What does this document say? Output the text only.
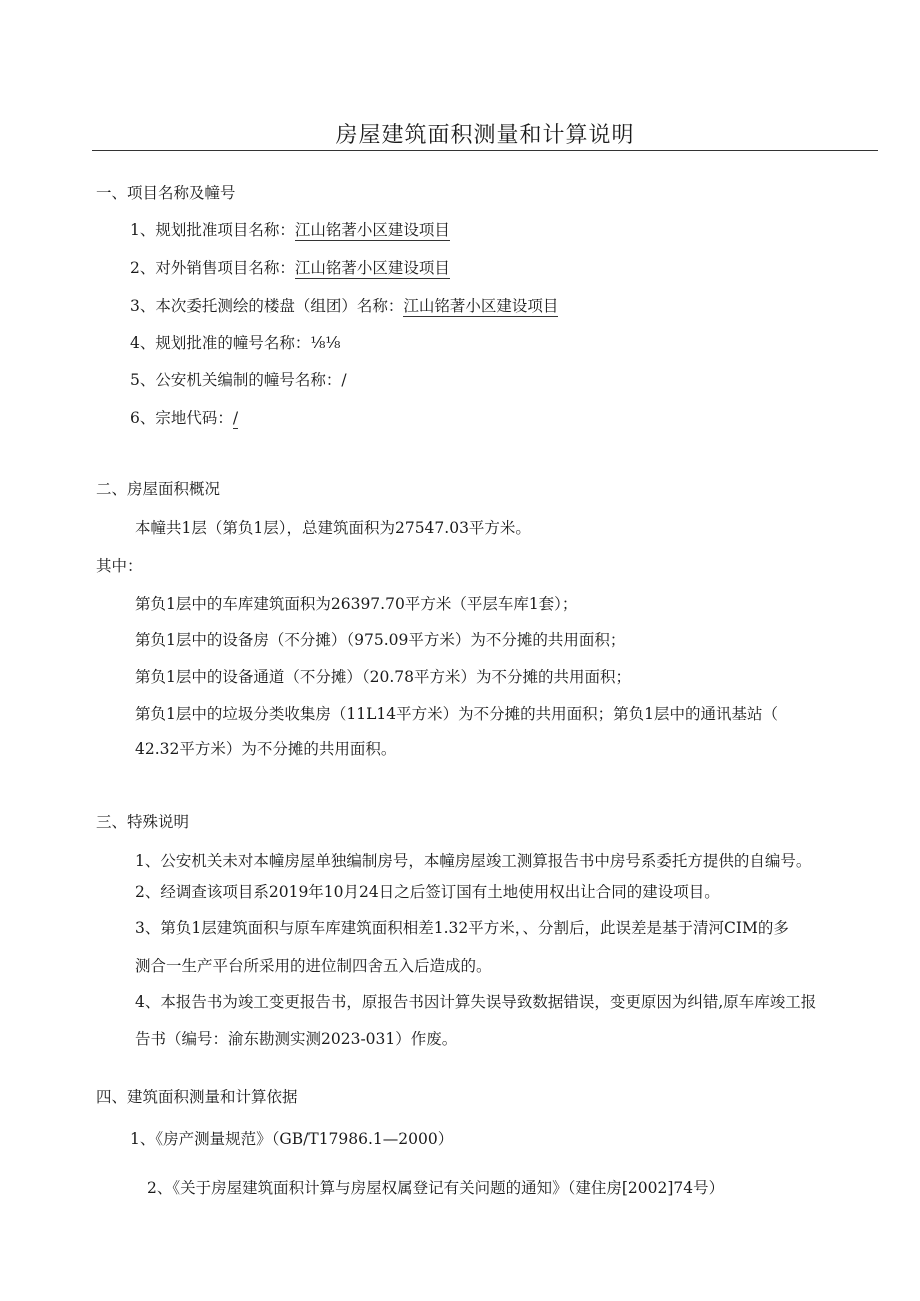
房屋建筑面积测量和计算说明
一、项目名称及幢号
1、规划批准项目名称：江山铭著小区建设项目
2、对外销售项目名称：江山铭著小区建设项目
3、本次委托测绘的楼盘（组团）名称：江山铭著小区建设项目
4、规划批准的幢号名称：⅛⅛
5、公安机关编制的幢号名称：/
6、宗地代码：/
二、房屋面积概况
本幢共1层（第负1层），总建筑面积为27547.03平方米。
其中：
第负1层中的车库建筑面积为26397.70平方米（平层车库1套）；
第负1层中的设备房（不分摊）（975.09平方米）为不分摊的共用面积；
第负1层中的设备通道（不分摊）（20.78平方米）为不分摊的共用面积；
第负1层中的垃圾分类收集房（11L14平方米）为不分摊的共用面积；第负1层中的通讯基站（
42.32平方米）为不分摊的共用面积。
三、特殊说明
1、公安机关未对本幢房屋单独编制房号，本幢房屋竣工测算报告书中房号系委托方提供的自编号。
2、经调查该项目系2019年10月24日之后签订国有土地使用权出让合同的建设项目。
3、第负1层建筑面积与原车库建筑面积相差1.32平方米，、分割后，此误差是基于清河CIM的多
测合一生产平台所采用的进位制四舍五入后造成的。
4、本报告书为竣工变更报告书，原报告书因计算失误导致数据错误，变更原因为纠错,原车库竣工报
告书（编号：渝东勘测实测2023-031）作废。
四、建筑面积测量和计算依据
1、《房产测量规范》（GB/T17986.1—2000）
2、《关于房屋建筑面积计算与房屋权属登记有关问题的通知》（建住房[2002]74号）
